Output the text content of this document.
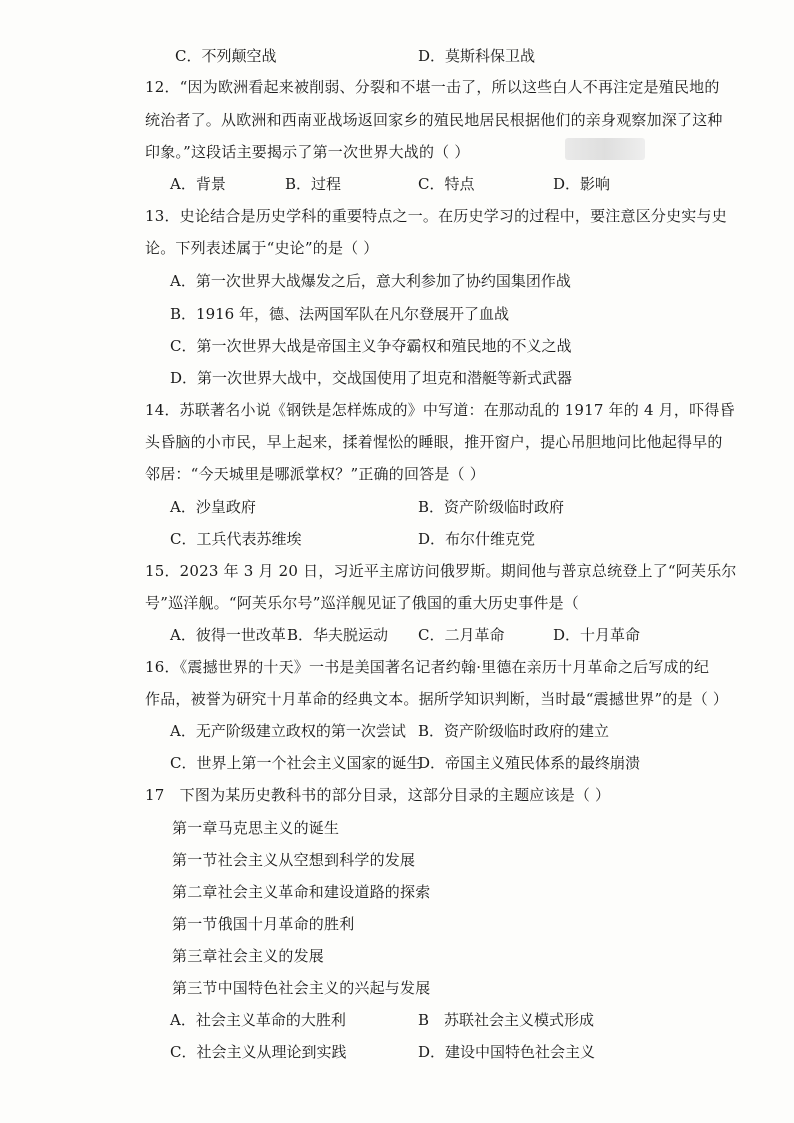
C．不列颠空战	D．莫斯科保卫战
12．“因为欧洲看起来被削弱、分裂和不堪一击了，所以这些白人不再注定是殖民地的
统治者了。从欧洲和西南亚战场返回家乡的殖民地居民根据他们的亲身观察加深了这种
印象。”这段话主要揭示了第一次世界大战的（ ）
A．背景	B．过程	C．特点	D．影响
13．史论结合是历史学科的重要特点之一。在历史学习的过程中，要注意区分史实与史
论。下列表述属于“史论”的是（ ）
A．第一次世界大战爆发之后，意大利参加了协约国集团作战
B．1916 年，德、法两国军队在凡尔登展开了血战
C．第一次世界大战是帝国主义争夺霸权和殖民地的不义之战
D．第一次世界大战中，交战国使用了坦克和潜艇等新式武器
14．苏联著名小说《钢铁是怎样炼成的》中写道：在那动乱的 1917 年的 4 月，吓得昏
头昏脑的小市民，早上起来，揉着惺忪的睡眼，推开窗户，提心吊胆地问比他起得早的
邻居：“今天城里是哪派掌权？”正确的回答是（ ）
A．沙皇政府	B．资产阶级临时政府
C．工兵代表苏维埃	D．布尔什维克党
15．2023 年 3 月 20 日，习近平主席访问俄罗斯。期间他与普京总统登上了“阿芙乐尔
号”巡洋舰。“阿芙乐尔号”巡洋舰见证了俄国的重大历史事件是（
A．彼得一世改革 B．华夫脱运动 C．二月革命	D．十月革命
16．《震撼世界的十天》一书是美国著名记者约翰·里德在亲历十月革命之后写成的纪
作品，被誉为研究十月革命的经典文本。据所学知识判断，当时最“震撼世界”的是（ ）
A．无产阶级建立政权的第一次尝试 B．资产阶级临时政府的建立
C．世界上第一个社会主义国家的诞生
D．帝国主义殖民体系的最终崩溃
17　下图为某历史教科书的部分目录，这部分目录的主题应该是（ ）
第一章马克思主义的诞生
第一节社会主义从空想到科学的发展
第二章社会主义革命和建设道路的探索
第一节俄国十月革命的胜利
第三章社会主义的发展
第三节中国特色社会主义的兴起与发展
A．社会主义革命的大胜利	B　苏联社会主义模式形成
C．社会主义从理论到实践	D．建设中国特色社会主义
